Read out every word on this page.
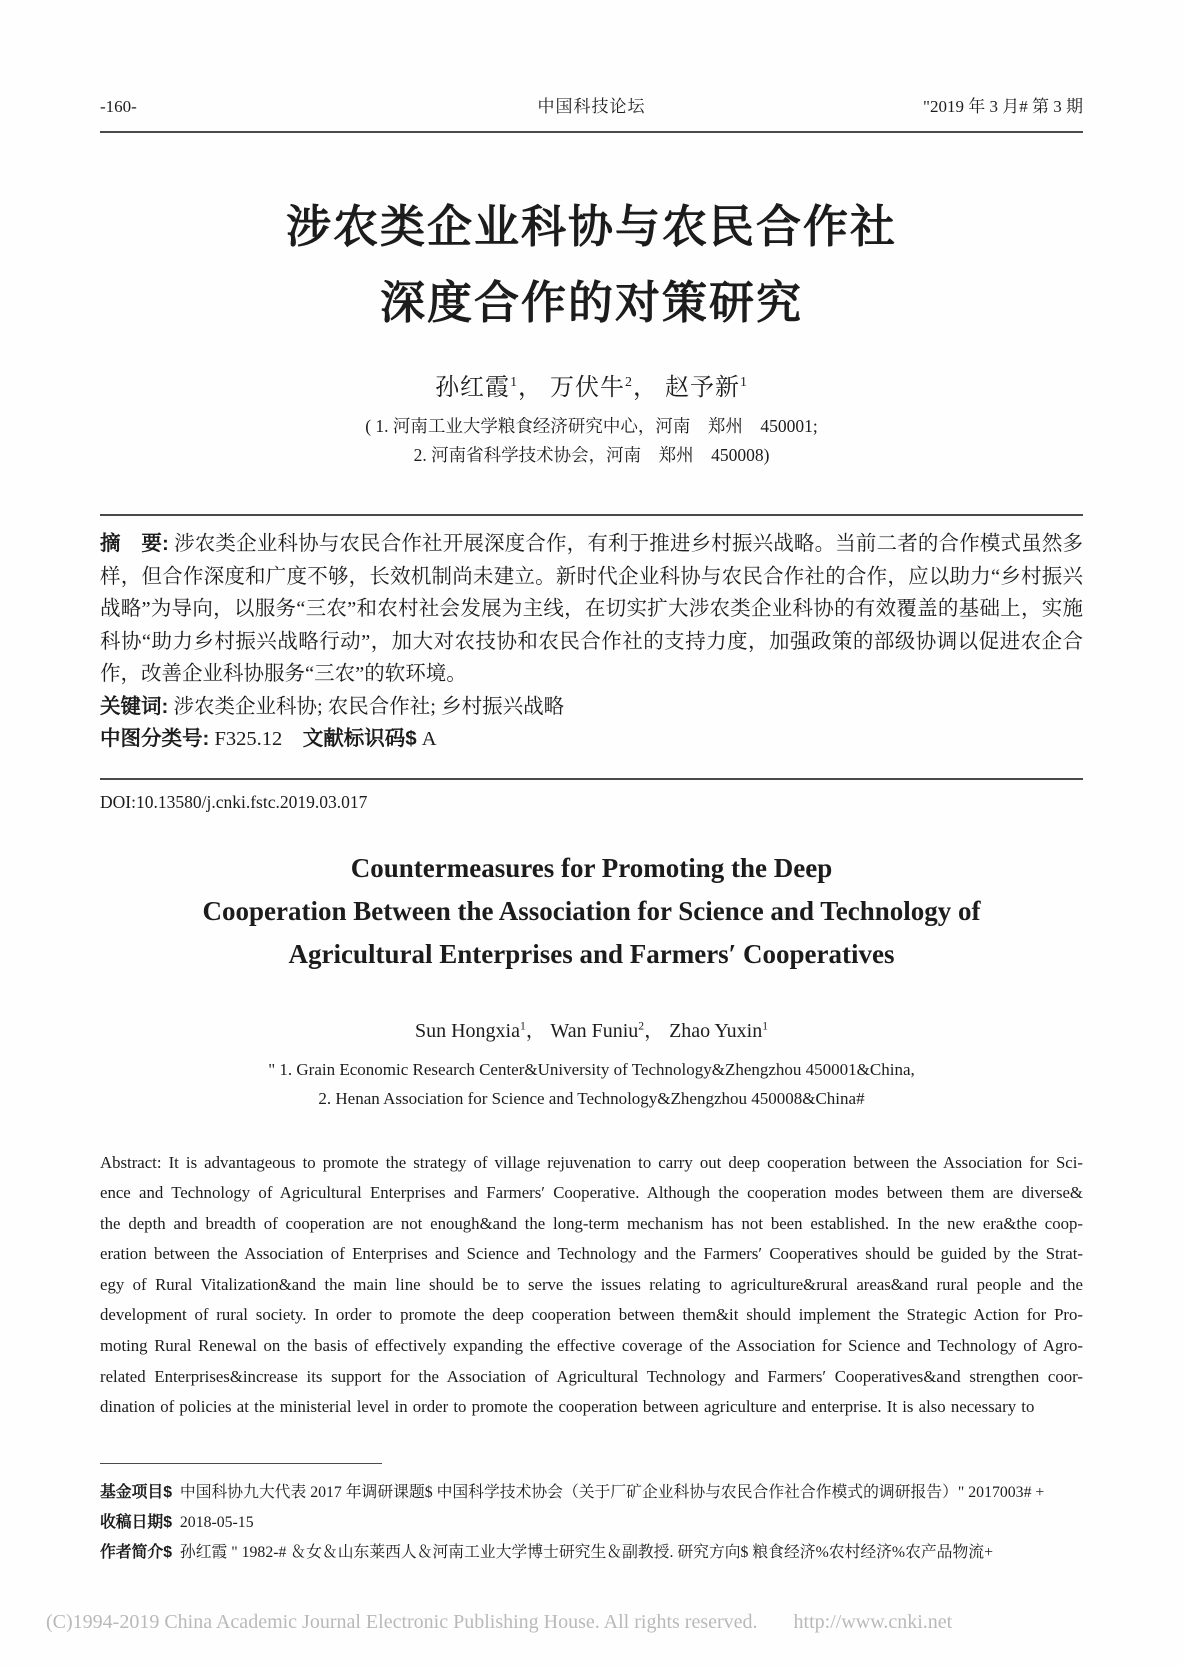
-160-	中国科技论坛	"2019 年 3 月# 第 3 期
涉农类企业科协与农民合作社
深度合作的对策研究
孙红霞$^1$， 万伏牛$^2$， 赵予新$^1$
( 1. 河南工业大学粮食经济研究中心，河南　郑州　450001;
2. 河南省科学技术协会，河南　郑州　450008)
摘　要: 涉农类企业科协与农民合作社开展深度合作，有利于推进乡村振兴战略。当前二者的合作模式虽然多样，但合作深度和广度不够，长效机制尚未建立。新时代企业科协与农民合作社的合作，应以助力“乡村振兴战略”为导向，以服务“三农”和农村社会发展为主线，在切实扩大涉农类企业科协的有效覆盖的基础上，实施科协“助力乡村振兴战略行动”，加大对农技协和农民合作社的支持力度，加强政策的部级协调以促进农企合作，改善企业科协服务“三农”的软环境。
关键词: 涉农类企业科协; 农民合作社; 乡村振兴战略
中图分类号: F325.12 文献标识码$ A
DOI:10.13580/j.cnki.fstc.2019.03.017
Countermeasures for Promoting the Deep
Cooperation Between the Association for Science and Technology of
Agricultural Enterprises and Farmers′ Cooperatives
Sun Hongxia$^1$， Wan Funiu$^2$， Zhao Yuxin$^1$
" 1. Grain Economic Research Center&University of Technology&Zhengzhou 450001&China,
2. Henan Association for Science and Technology&Zhengzhou 450008&China#
Abstract: It is advantageous to promote the strategy of village rejuvenation to carry out deep cooperation between the Association for Sci-
ence and Technology of Agricultural Enterprises and Farmers′ Cooperative. Although the cooperation modes between them are diverse&
the depth and breadth of cooperation are not enough&and the long-term mechanism has not been established. In the new era&the coop-
eration between the Association of Enterprises and Science and Technology and the Farmers′ Cooperatives should be guided by the Strat-
egy of Rural Vitalization&and the main line should be to serve the issues relating to agriculture&rural areas&and rural people and the
development of rural society. In order to promote the deep cooperation between them&it should implement the Strategic Action for Pro-
moting Rural Renewal on the basis of effectively expanding the effective coverage of the Association for Science and Technology of Agro-
related Enterprises&increase its support for the Association of Agricultural Technology and Farmers′ Cooperatives&and strengthen coor-
dination of policies at the ministerial level in order to promote the cooperation between agriculture and enterprise. It is also necessary to
基金项目$ 中国科协九大代表 2017 年调研课题$ 中国科学技术协会（关于厂矿企业科协与农民合作社合作模式的调研报告）" 2017003# +
收稿日期$ 2018-05-15
作者简介$ 孙红霞 " 1982-# ＆女＆山东莱西人＆河南工业大学博士研究生＆副教授. 研究方向$ 粮食经济%农村经济%农产品物流+
(C)1994-2019 China Academic Journal Electronic Publishing House. All rights reserved. http://www.cnki.net
